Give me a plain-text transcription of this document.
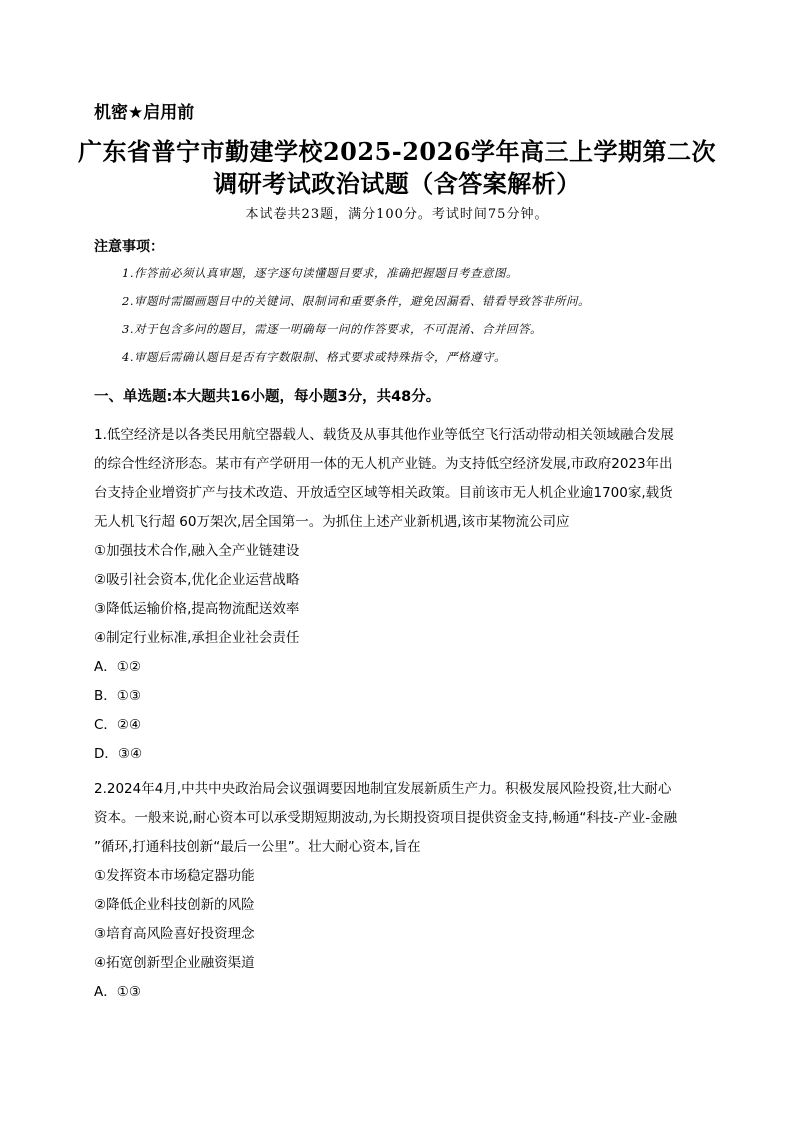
机密★启用前
广东省普宁市勤建学校2025-2026学年高三上学期第二次
调研考试政治试题（含答案解析）
本试卷共23题，满分100分。考试时间75分钟。
注意事项：
1.作答前必须认真审题，逐字逐句读懂题目要求，准确把握题目考查意图。
2.审题时需圈画题目中的关键词、限制词和重要条件，避免因漏看、错看导致答非所问。
3.对于包含多问的题目，需逐一明确每一问的作答要求，不可混淆、合并回答。
4.审题后需确认题目是否有字数限制、格式要求或特殊指令，严格遵守。
一、单选题:本大题共16小题，每小题3分，共48分。
1.低空经济是以各类民用航空器载人、载货及从事其他作业等低空飞行活动带动相关领域融合发展
的综合性经济形态。某市有产学研用一体的无人机产业链。为支持低空经济发展,市政府2023年出
台支持企业增资扩产与技术改造、开放适空区域等相关政策。目前该市无人机企业逾1700家,载货
无人机飞行超 60万架次,居全国第一。为抓住上述产业新机遇,该市某物流公司应
①加强技术合作,融入全产业链建设
②吸引社会资本,优化企业运营战略
③降低运输价格,提高物流配送效率
④制定行业标准,承担企业社会责任
A．①②
B．①③
C．②④
D．③④
2.2024年4月,中共中央政治局会议强调要因地制宜发展新质生产力。积极发展风险投资,壮大耐心
资本。一般来说,耐心资本可以承受期短期波动,为长期投资项目提供资金支持,畅通“科技-产业-金融
”循环,打通科技创新“最后一公里”。壮大耐心资本,旨在
①发挥资本市场稳定器功能
②降低企业科技创新的风险
③培育高风险喜好投资理念
④拓宽创新型企业融资渠道
A．①③
